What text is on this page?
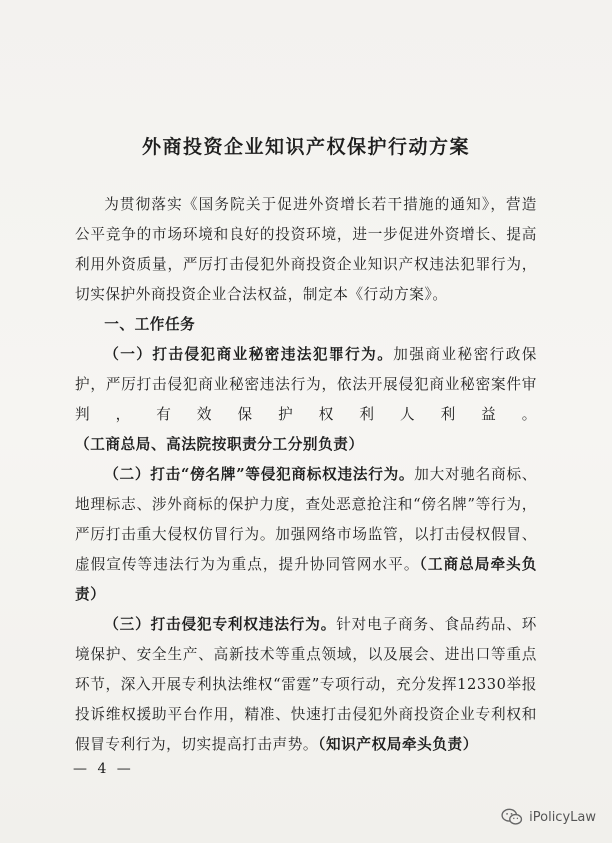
外商投资企业知识产权保护行动方案

为贯彻落实《国务院关于促进外资增长若干措施的通知》，营造公平竞争的市场环境和良好的投资环境，进一步促进外资增长、提高利用外资质量，严厉打击侵犯外商投资企业知识产权违法犯罪行为，切实保护外商投资企业合法权益，制定本《行动方案》。

一、工作任务

（一）打击侵犯商业秘密违法犯罪行为。加强商业秘密行政保护，严厉打击侵犯商业秘密违法行为，依法开展侵犯商业秘密案件审判，有效保护权利人利益。（工商总局、高法院按职责分工分别负责）

（二）打击“傍名牌”等侵犯商标权违法行为。加大对驰名商标、地理标志、涉外商标的保护力度，查处恶意抢注和“傍名牌”等行为，严厉打击重大侵权仿冒行为。加强网络市场监管，以打击侵权假冒、虚假宣传等违法行为为重点，提升协同管网水平。（工商总局牵头负责）

（三）打击侵犯专利权违法行为。针对电子商务、食品药品、环境保护、安全生产、高新技术等重点领域，以及展会、进出口等重点环节，深入开展专利执法维权“雷霆”专项行动，充分发挥12330举报投诉维权援助平台作用，精准、快速打击侵犯外商投资企业专利权和假冒专利行为，切实提高打击声势。（知识产权局牵头负责）

— 4 —
iPolicyLaw
